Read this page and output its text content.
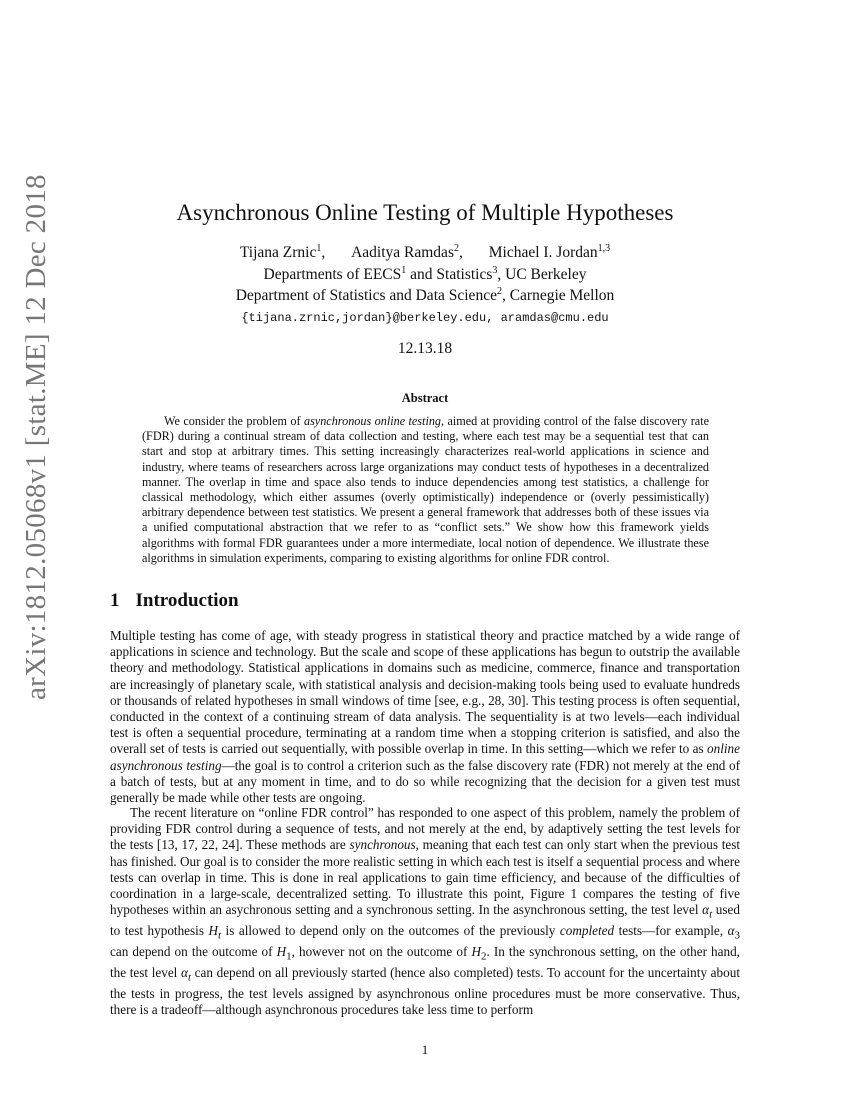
arXiv:1812.05068v1 [stat.ME] 12 Dec 2018	Asynchronous Online Testing of Multiple Hypotheses
Tijana Zrnic$^1$, Aaditya Ramdas$^2$, Michael I. Jordan$^{1,3}$
Departments of EECS$^1$ and Statistics$^3$, UC Berkeley
Department of Statistics and Data Science$^2$, Carnegie Mellon
{tijana.zrnic,jordan}@berkeley.edu, aramdas@cmu.edu
12.13.18
Abstract
We consider the problem of asynchronous online testing, aimed at providing control of the false discovery rate (FDR) during a continual stream of data collection and testing, where each test may be a sequential test that can start and stop at arbitrary times. This setting increasingly characterizes real-world applications in science and industry, where teams of researchers across large organizations may conduct tests of hypotheses in a decentralized manner. The overlap in time and space also tends to induce dependencies among test statistics, a challenge for classical methodology, which either assumes (overly optimistically) independence or (overly pessimistically) arbitrary dependence between test statistics. We present a general framework that addresses both of these issues via a unified computational abstraction that we refer to as “conflict sets.” We show how this framework yields algorithms with formal FDR guarantees under a more intermediate, local notion of dependence. We illustrate these algorithms in simulation experiments, comparing to existing algorithms for online FDR control.
1 Introduction
Multiple testing has come of age, with steady progress in statistical theory and practice matched by a wide range of applications in science and technology. But the scale and scope of these applications has begun to outstrip the available theory and methodology. Statistical applications in domains such as medicine, commerce, finance and transportation are increasingly of planetary scale, with statistical analysis and decision-making tools being used to evaluate hundreds or thousands of related hypotheses in small windows of time [see, e.g., 28, 30]. This testing process is often sequential, conducted in the context of a continuing stream of data analysis. The sequentiality is at two levels—each individual test is often a sequential procedure, terminating at a random time when a stopping criterion is satisfied, and also the overall set of tests is carried out sequentially, with possible overlap in time. In this setting—which we refer to as online asynchronous testing—the goal is to control a criterion such as the false discovery rate (FDR) not merely at the end of a batch of tests, but at any moment in time, and to do so while recognizing that the decision for a given test must generally be made while other tests are ongoing.
The recent literature on “online FDR control” has responded to one aspect of this problem, namely the problem of providing FDR control during a sequence of tests, and not merely at the end, by adaptively setting the test levels for the tests [13, 17, 22, 24]. These methods are synchronous, meaning that each test can only start when the previous test has finished. Our goal is to consider the more realistic setting in which each test is itself a sequential process and where tests can overlap in time. This is done in real applications to gain time efficiency, and because of the difficulties of coordination in a large-scale, decentralized setting. To illustrate this point, Figure 1 compares the testing of five hypotheses within an asychronous setting and a synchronous setting. In the asynchronous setting, the test level $\alpha_t$ used to test hypothesis $H_t$ is allowed to depend only on the outcomes of the previously completed tests—for example, $\alpha_3$ can depend on the outcome of $H_1$, however not on the outcome of $H_2$. In the synchronous setting, on the other hand, the test level $\alpha_t$ can depend on all previously started (hence also completed) tests. To account for the uncertainty about the tests in progress, the test levels assigned by asynchronous online procedures must be more conservative. Thus, there is a tradeoff—although asynchronous procedures take less time to perform
1
